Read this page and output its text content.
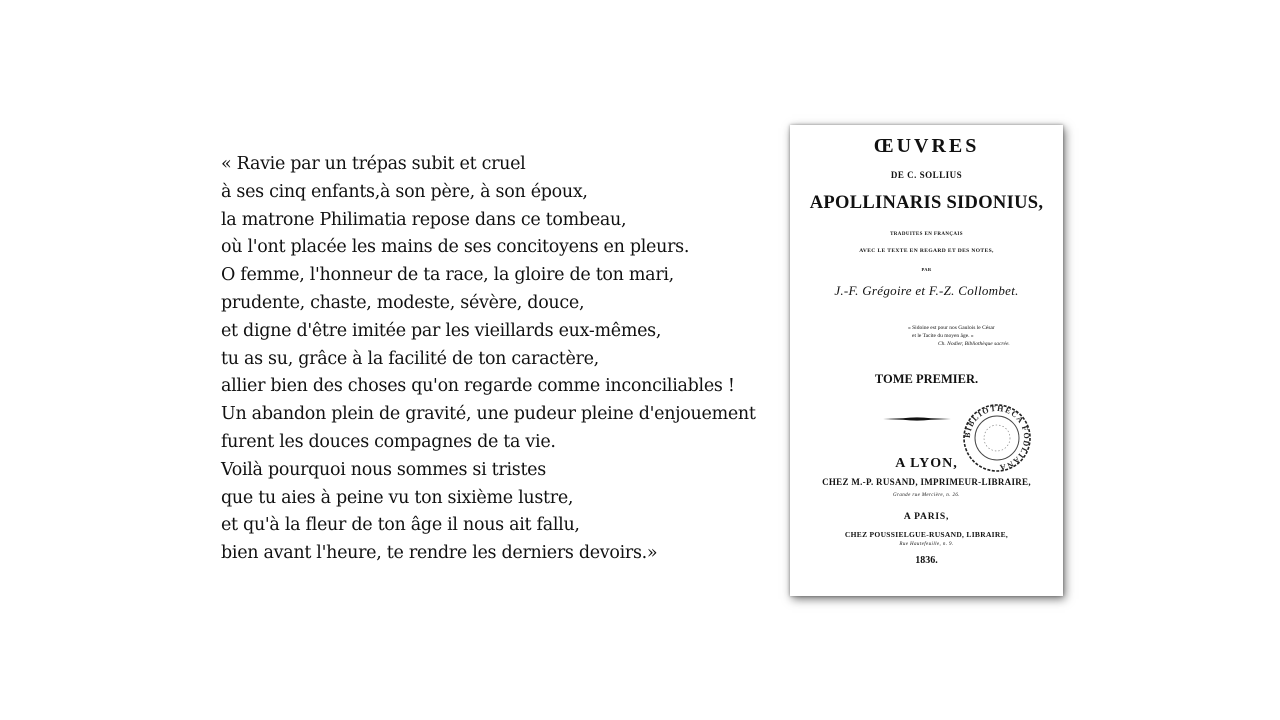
« Ravie par un trépas subit et cruel
à ses cinq enfants,à son père, à son époux,
la matrone Philimatia repose dans ce tombeau,
où l'ont placée les mains de ses concitoyens en pleurs.
O femme, l'honneur de ta race, la gloire de ton mari,
prudente, chaste, modeste, sévère, douce,
et digne d'être imitée par les vieillards eux-mêmes,
tu as su, grâce à la facilité de ton caractère,
allier bien des choses qu'on regarde comme inconciliables !
Un abandon plein de gravité, une pudeur pleine d'enjouement
furent les douces compagnes de ta vie.
Voilà pourquoi nous sommes si tristes
que tu aies à peine vu ton sixième lustre,
et qu'à la fleur de ton âge il nous ait fallu,
bien avant l'heure, te rendre les derniers devoirs.»
ŒUVRES
DE C. SOLLIUS
APOLLINARIS SIDONIUS,
TRADUITES EN FRANÇAIS
AVEC LE TEXTE EN REGARD ET DES NOTES,
PAR
J.-F. Grégoire et F.-Z. Collombet.
« Sidoine est pour nos Gaulois le César
et le Tacite du moyen âge. »
Ch. Nodier, Bibliothèque sacrée.
TOME PREMIER.
BIBLIOTHECA FODLIANA
A LYON,
CHEZ M.-P. RUSAND, IMPRIMEUR-LIBRAIRE,
Grande rue Mercière, n. 26.
A PARIS,
CHEZ POUSSIELGUE-RUSAND, LIBRAIRE,
Rue Hautefeuille, n. 9.
1836.
